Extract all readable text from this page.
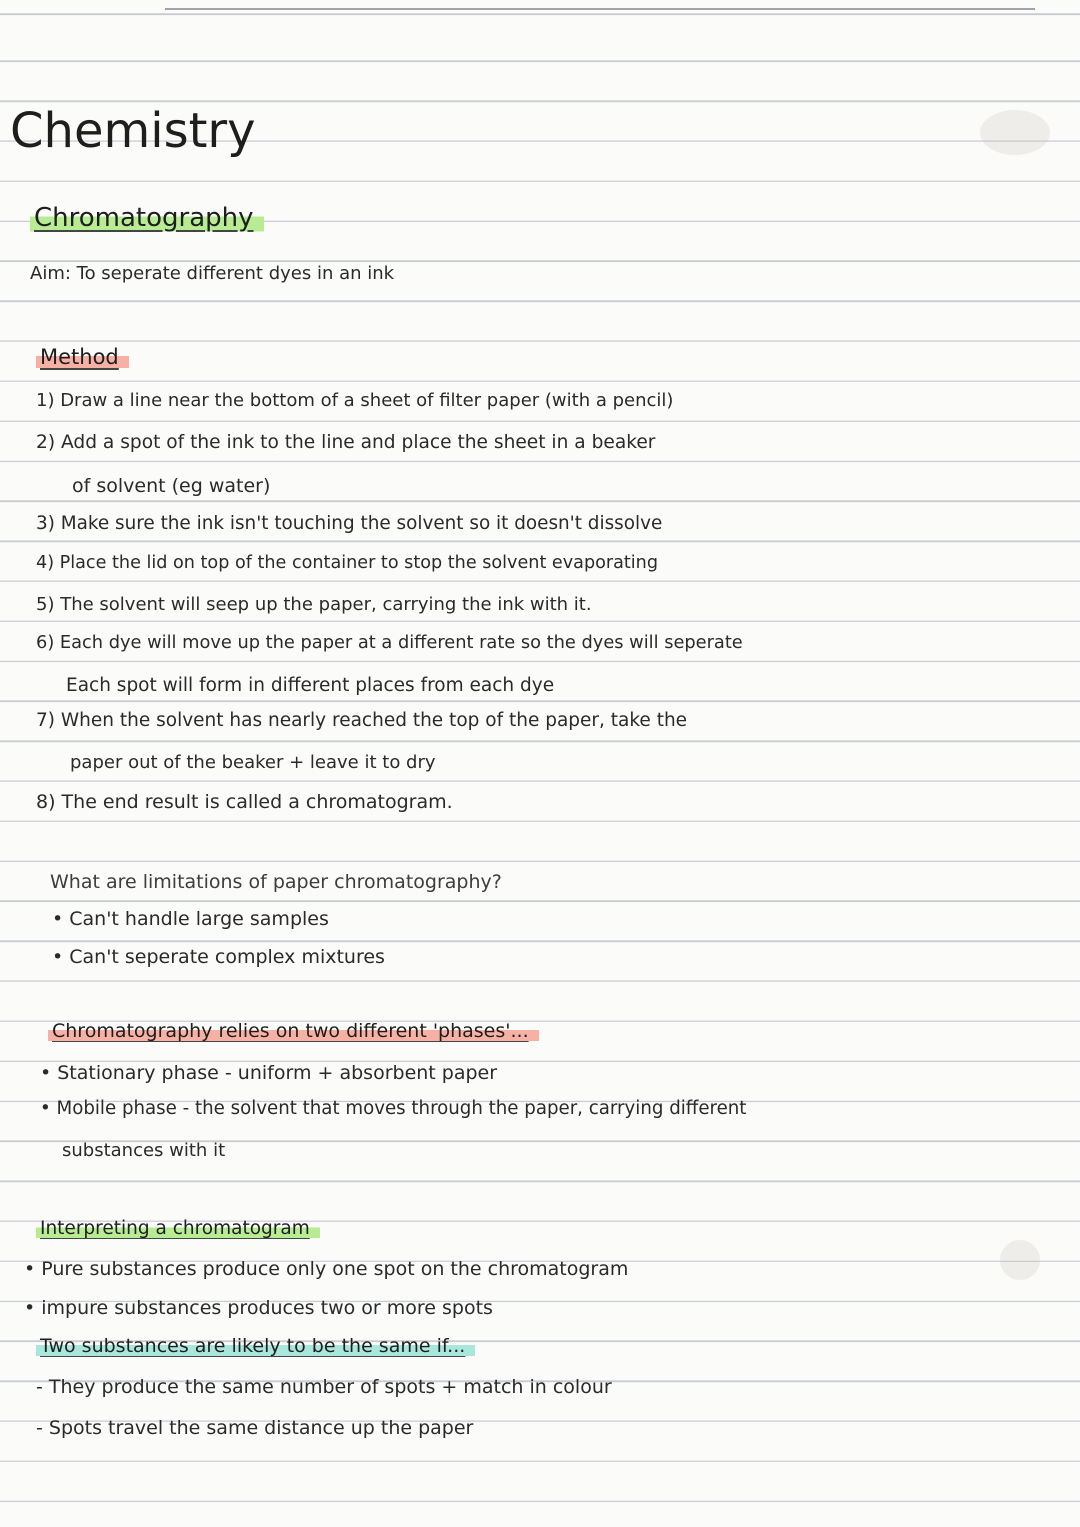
Chemistry
Chromatography
Aim: To seperate different dyes in an ink
Method
1) Draw a line near the bottom of a sheet of filter paper (with a pencil)
2) Add a spot of the ink to the line and place the sheet in a beaker
of solvent (eg water)
3) Make sure the ink isn't touching the solvent so it doesn't dissolve
4) Place the lid on top of the container to stop the solvent evaporating
5) The solvent will seep up the paper, carrying the ink with it.
6) Each dye will move up the paper at a different rate so the dyes will seperate
Each spot will form in different places from each dye
7) When the solvent has nearly reached the top of the paper, take the
paper out of the beaker + leave it to dry
8) The end result is called a chromatogram.
What are limitations of paper chromatography?
• Can't handle large samples
• Can't seperate complex mixtures
Chromatography relies on two different 'phases'...
• Stationary phase - uniform + absorbent paper
• Mobile phase - the solvent that moves through the paper, carrying different
substances with it
Interpreting a chromatogram
• Pure substances produce only one spot on the chromatogram
• impure substances produces two or more spots
Two substances are likely to be the same if...
- They produce the same number of spots + match in colour
- Spots travel the same distance up the paper
